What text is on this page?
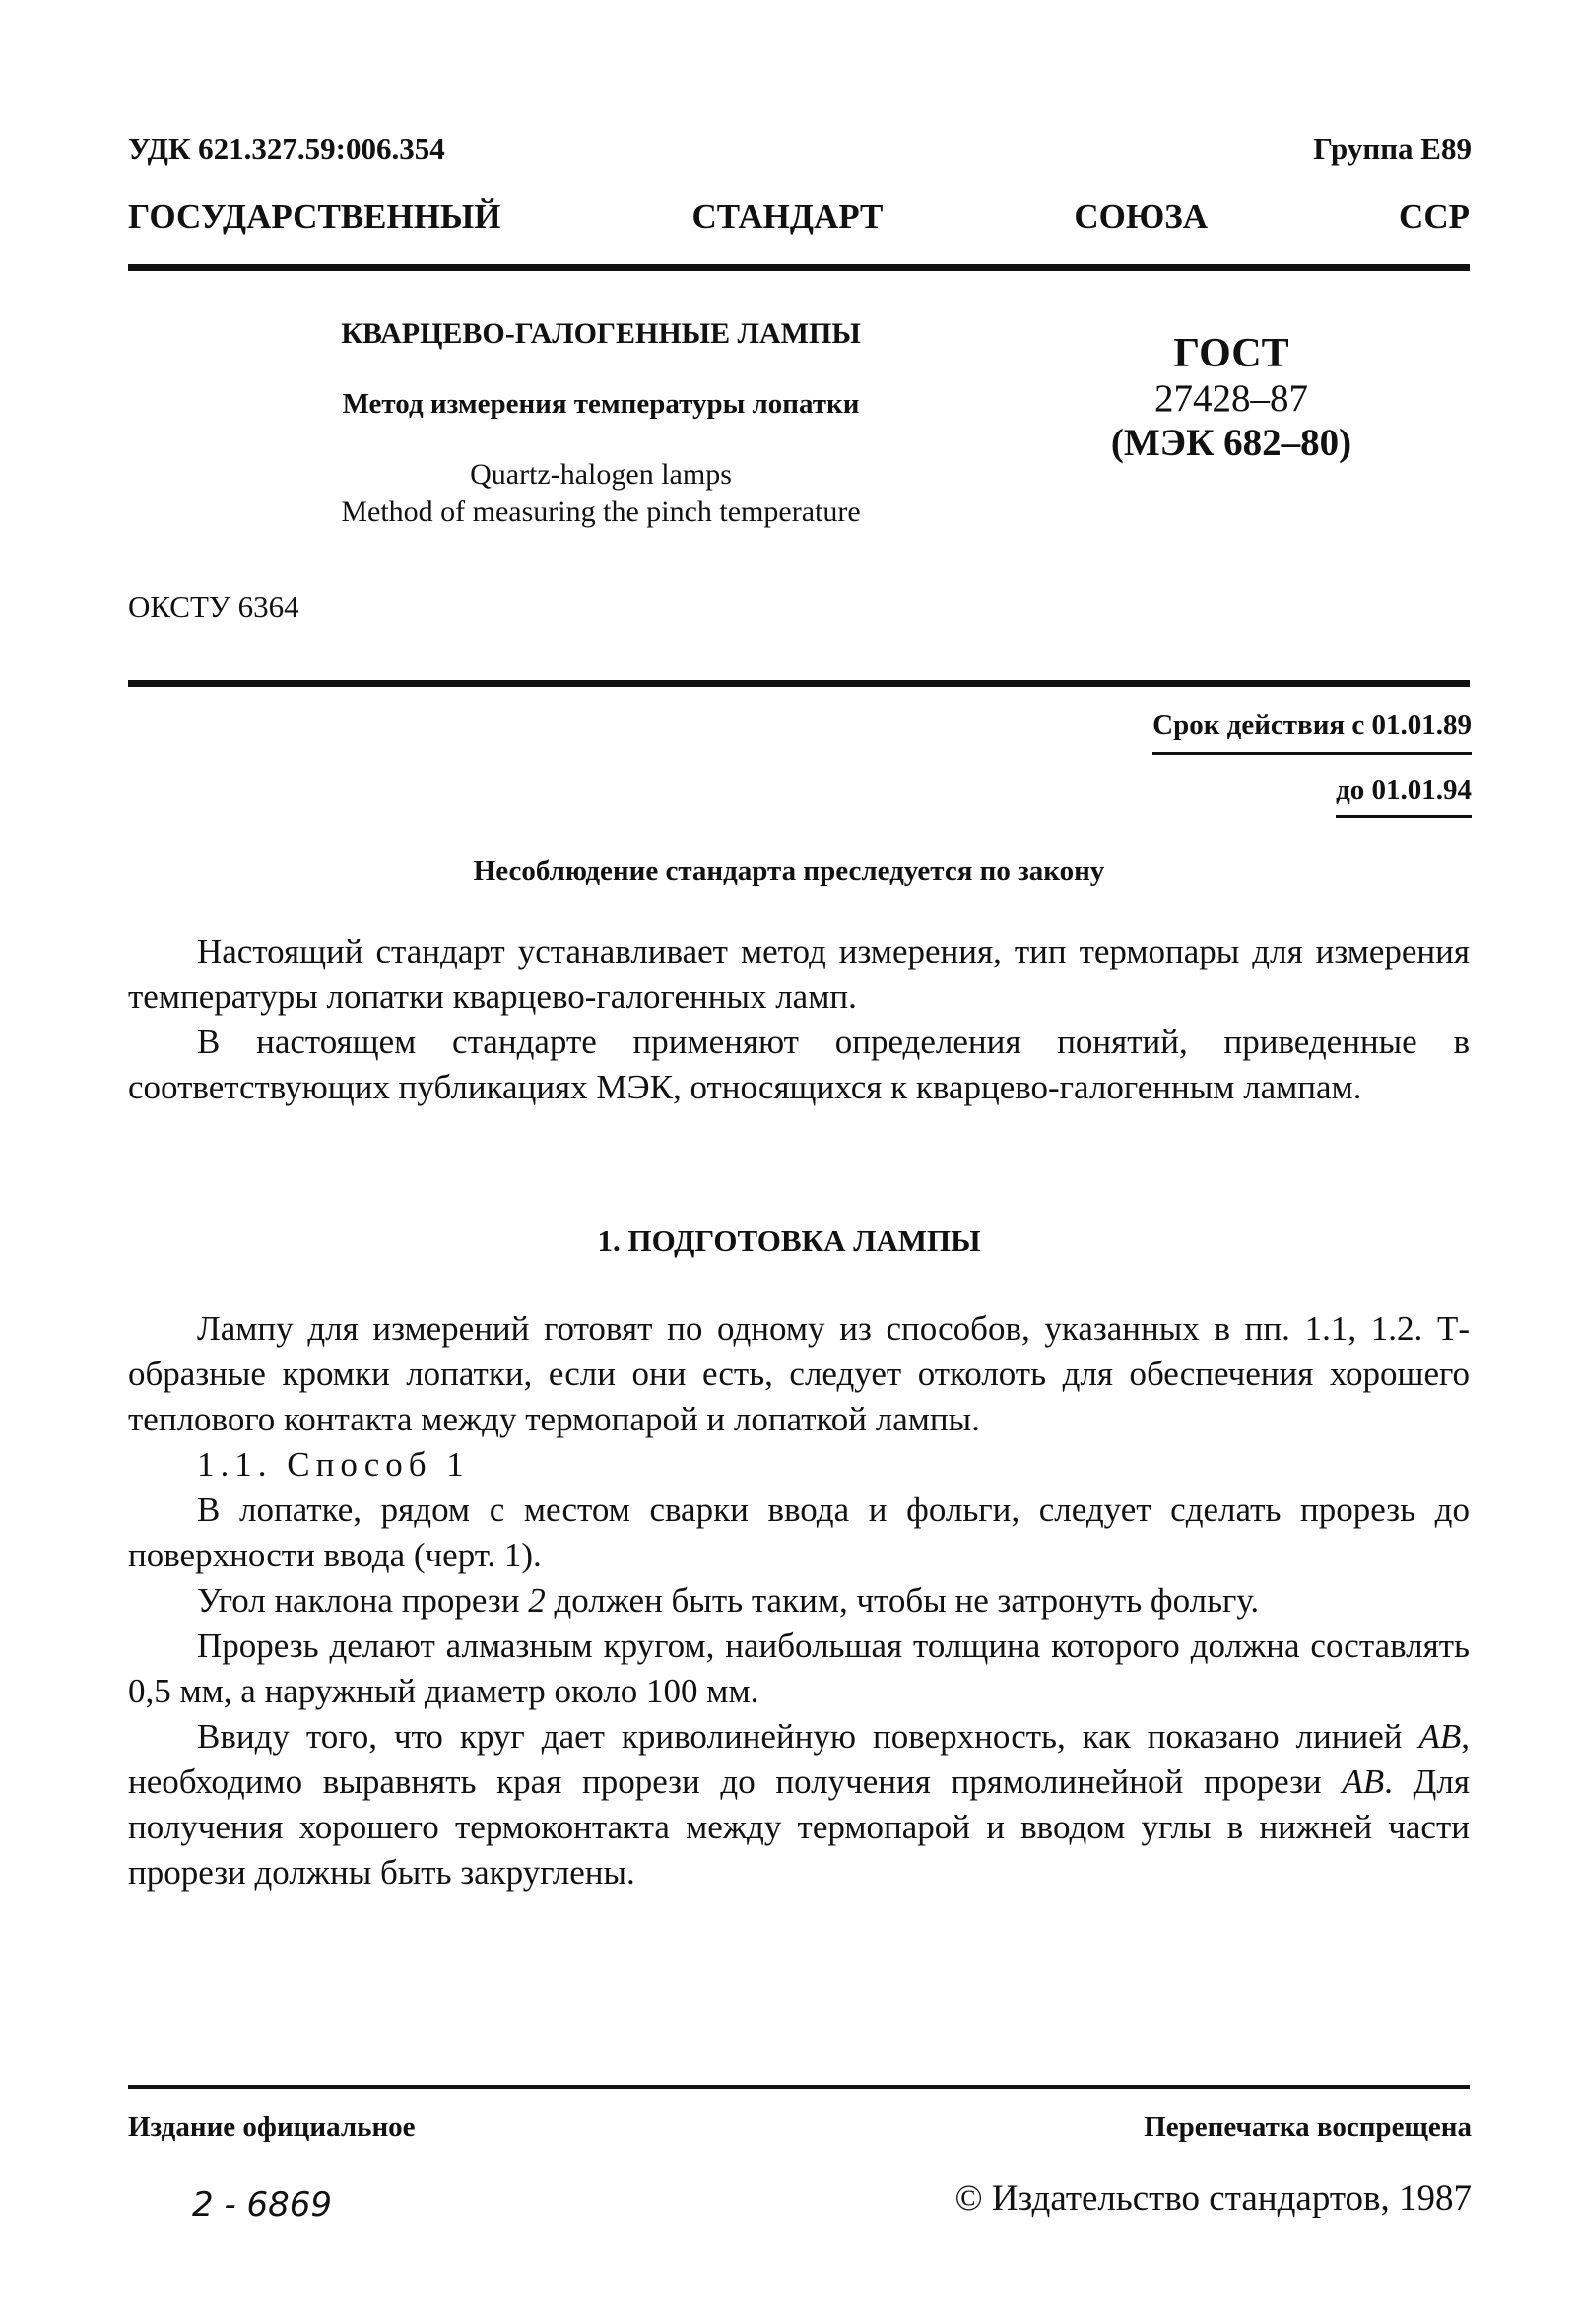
УДК 621.327.59:006.354	Группа Е89
ГОСУДАРСТВЕННЫЙ	СТАНДАРТ	СОЮЗА	ССР
КВАРЦЕВО-ГАЛОГЕННЫЕ ЛАМПЫ
Метод измерения температуры лопатки
Quartz-halogen lamps
Method of measuring the pinch temperature
ГОСТ
27428–87
(МЭК 682–80)
ОКСТУ 6364
Срок действия с 01.01.89
до 01.01.94
Несоблюдение стандарта преследуется по закону

Настоящий стандарт устанавливает метод измерения, тип термопары для измерения температуры лопатки кварцево-галогенных ламп.

В настоящем стандарте применяют определения понятий, приведенные в соответствующих публикациях МЭК, относящихся к кварцево-галогенным лампам.

1. ПОДГОТОВКА ЛАМПЫ

Лампу для измерений готовят по одному из способов, указанных в пп. 1.1, 1.2. Т-образные кромки лопатки, если они есть, следует отколоть для обеспечения хорошего теплового контакта между термопарой и лопаткой лампы.

1.1. Способ 1

В лопатке, рядом с местом сварки ввода и фольги, следует сделать прорезь до поверхности ввода (черт. 1).

Угол наклона прорези 2 должен быть таким, чтобы не затронуть фольгу.

Прорезь делают алмазным кругом, наибольшая толщина которого должна составлять 0,5 мм, а наружный диаметр около 100 мм.

Ввиду того, что круг дает криволинейную поверхность, как показано линией AB, необходимо выравнять края прорези до получения прямолинейной прорези AB. Для получения хорошего термоконтакта между термопарой и вводом углы в нижней части прорези должны быть закруглены.

Издание официальное	Перепечатка воспрещена
2 - 6869	© Издательство стандартов, 1987
